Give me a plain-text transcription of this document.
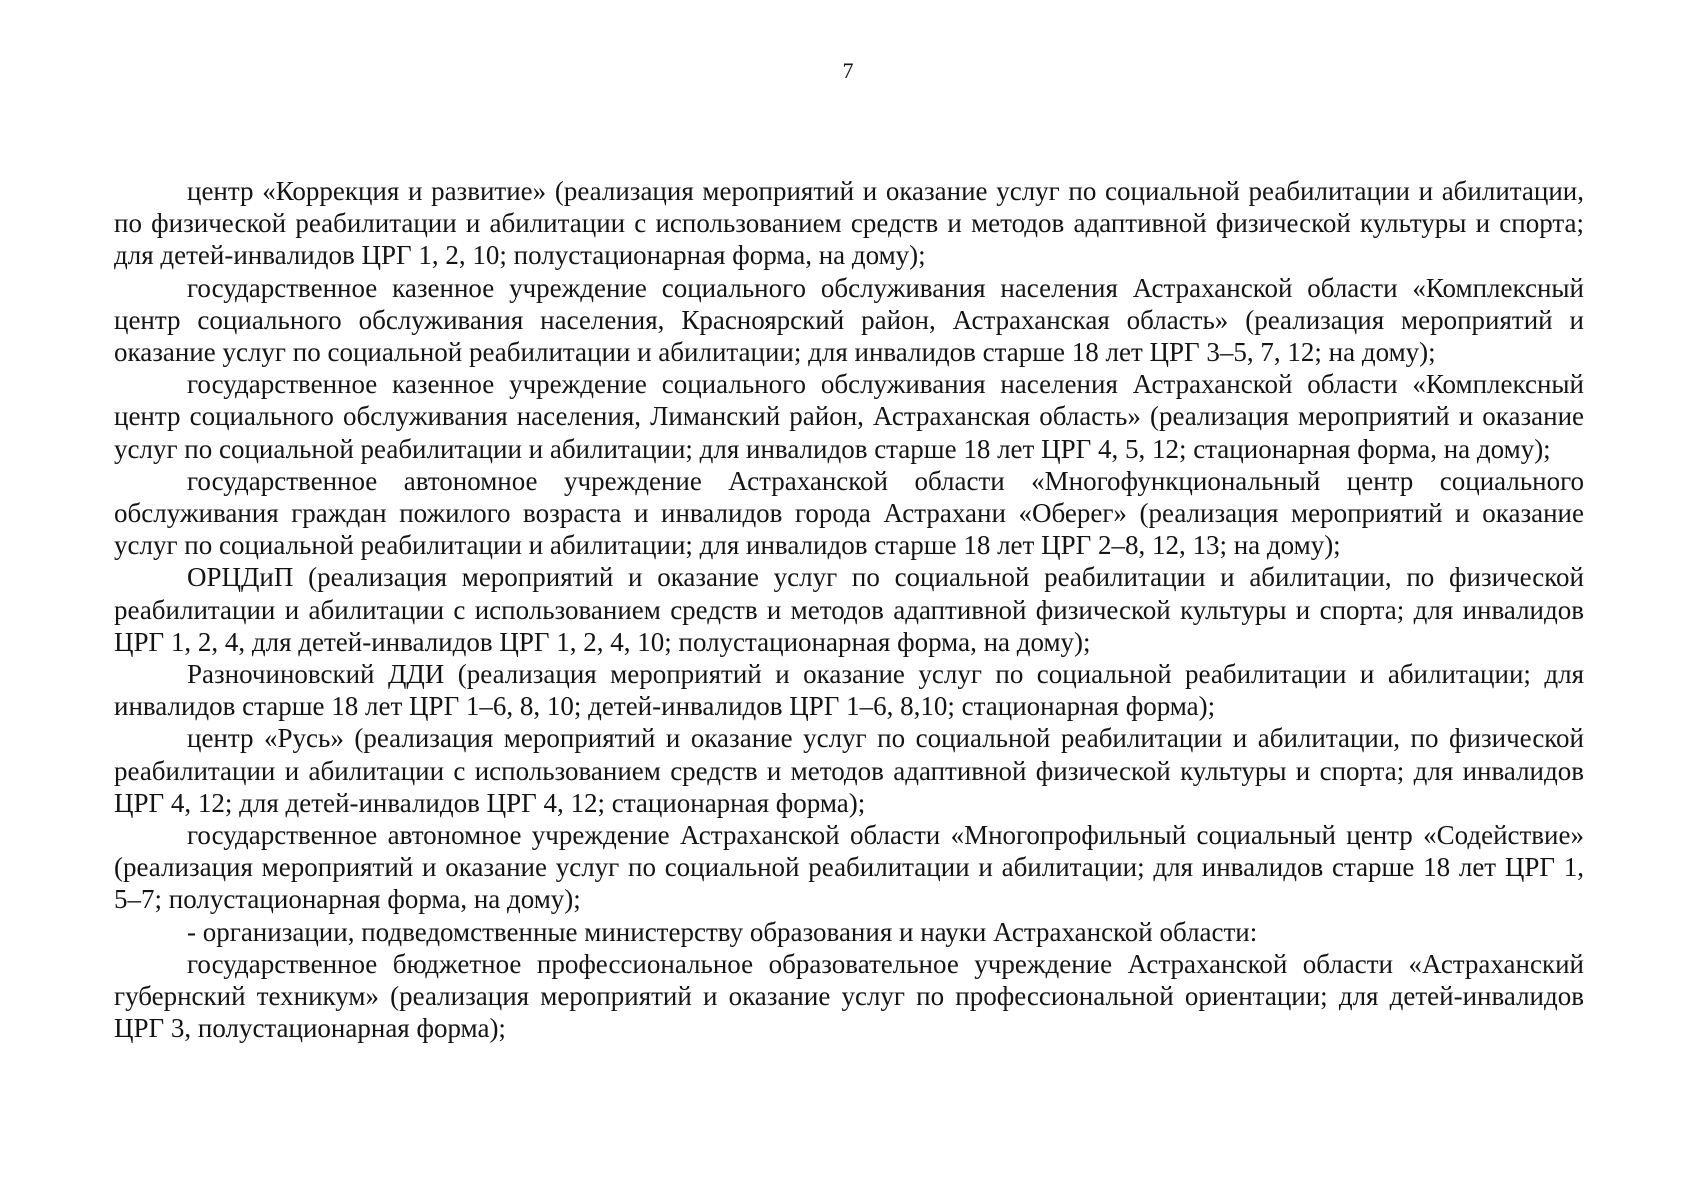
7

центр «Коррекция и развитие» (реализация мероприятий и оказание услуг по социальной реабилитации и абилитации, по физической реабилитации и абилитации с использованием средств и методов адаптивной физической культуры и спорта; для детей-инвалидов ЦРГ 1, 2, 10; полустационарная форма, на дому);

государственное казенное учреждение социального обслуживания населения Астраханской области «Комплексный центр социального обслуживания населения, Красноярский район, Астраханская область» (реализация мероприятий и оказание услуг по социальной реабилитации и абилитации; для инвалидов старше 18 лет ЦРГ 3–5, 7, 12; на дому);

государственное казенное учреждение социального обслуживания населения Астраханской области «Комплексный центр социального обслуживания населения, Лиманский район, Астраханская область» (реализация мероприятий и оказание услуг по социальной реабилитации и абилитации; для инвалидов старше 18 лет ЦРГ 4, 5, 12; стационарная форма, на дому);

государственное автономное учреждение Астраханской области «Многофункциональный центр социального обслуживания граждан пожилого возраста и инвалидов города Астрахани «Оберег» (реализация мероприятий и оказание услуг по социальной реабилитации и абилитации; для инвалидов старше 18 лет ЦРГ 2–8, 12, 13; на дому);

ОРЦДиП (реализация мероприятий и оказание услуг по социальной реабилитации и абилитации, по физической реабилитации и абилитации с использованием средств и методов адаптивной физической культуры и спорта; для инвалидов ЦРГ 1, 2, 4, для детей-инвалидов ЦРГ 1, 2, 4, 10; полустационарная форма, на дому);

Разночиновский ДДИ (реализация мероприятий и оказание услуг по социальной реабилитации и абилитации; для инвалидов старше 18 лет ЦРГ 1–6, 8, 10; детей-инвалидов ЦРГ 1–6, 8,10; стационарная форма);

центр «Русь» (реализация мероприятий и оказание услуг по социальной реабилитации и абилитации, по физической реабилитации и абилитации с использованием средств и методов адаптивной физической культуры и спорта; для инвалидов ЦРГ 4, 12; для детей-инвалидов ЦРГ 4, 12; стационарная форма);

государственное автономное учреждение Астраханской области «Многопрофильный социальный центр «Содействие» (реализация мероприятий и оказание услуг по социальной реабилитации и абилитации; для инвалидов старше 18 лет ЦРГ 1, 5–7; полустационарная форма, на дому);

- организации, подведомственные министерству образования и науки Астраханской области:

государственное бюджетное профессиональное образовательное учреждение Астраханской области «Астраханский губернский техникум» (реализация мероприятий и оказание услуг по профессиональной ориентации; для детей-инвалидов ЦРГ 3, полустационарная форма);
